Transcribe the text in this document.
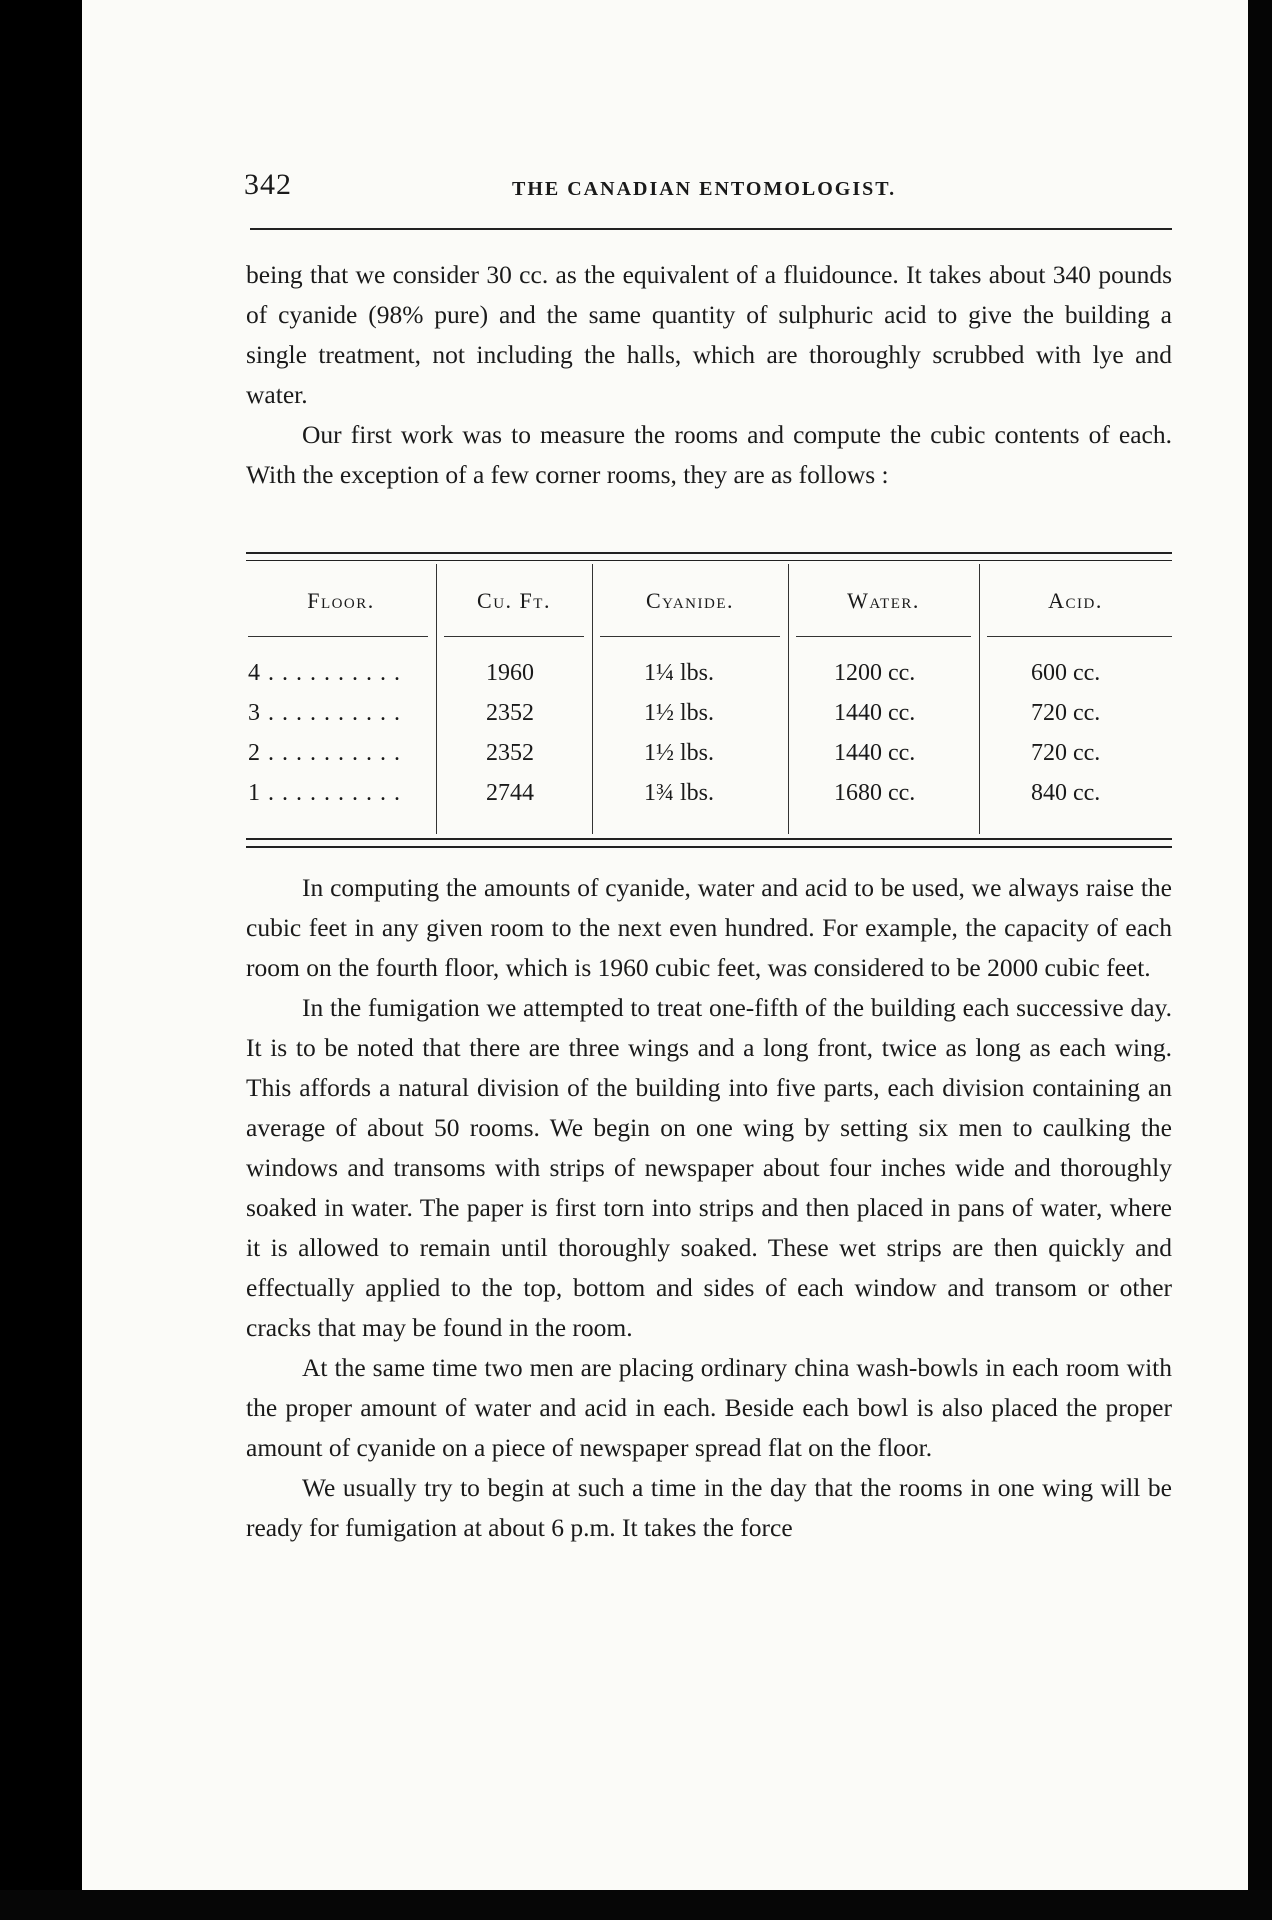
342	THE CANADIAN ENTOMOLOGIST.

being that we consider 30 cc. as the equivalent of a fluidounce. It takes about 340 pounds of cyanide (98% pure) and the same quantity of sulphuric acid to give the building a single treatment, not including the halls, which are thoroughly scrubbed with lye and water.

Our first work was to measure the rooms and compute the cubic contents of each. With the exception of a few corner rooms, they are as follows :

Floor.	Cu. Ft.	Cyanide.	Water.	Acid.
4 . . . . . . . . . .	1960	1¼ lbs.	1200 cc.	600 cc.
3 . . . . . . . . . .	2352	1½ lbs.	1440 cc.	720 cc.
2 . . . . . . . . . .	2352	1½ lbs.	1440 cc.	720 cc.
1 . . . . . . . . . .	2744	1¾ lbs.	1680 cc.	840 cc.

In computing the amounts of cyanide, water and acid to be used, we always raise the cubic feet in any given room to the next even hundred. For example, the capacity of each room on the fourth floor, which is 1960 cubic feet, was considered to be 2000 cubic feet.

In the fumigation we attempted to treat one-fifth of the building each successive day. It is to be noted that there are three wings and a long front, twice as long as each wing. This affords a natural division of the building into five parts, each division containing an average of about 50 rooms. We begin on one wing by setting six men to caulking the windows and transoms with strips of newspaper about four inches wide and thoroughly soaked in water. The paper is first torn into strips and then placed in pans of water, where it is allowed to remain until thoroughly soaked. These wet strips are then quickly and effectually applied to the top, bottom and sides of each window and transom or other cracks that may be found in the room.

At the same time two men are placing ordinary china wash-bowls in each room with the proper amount of water and acid in each. Beside each bowl is also placed the proper amount of cyanide on a piece of newspaper spread flat on the floor.

We usually try to begin at such a time in the day that the rooms in one wing will be ready for fumigation at about 6 p.m. It takes the force
